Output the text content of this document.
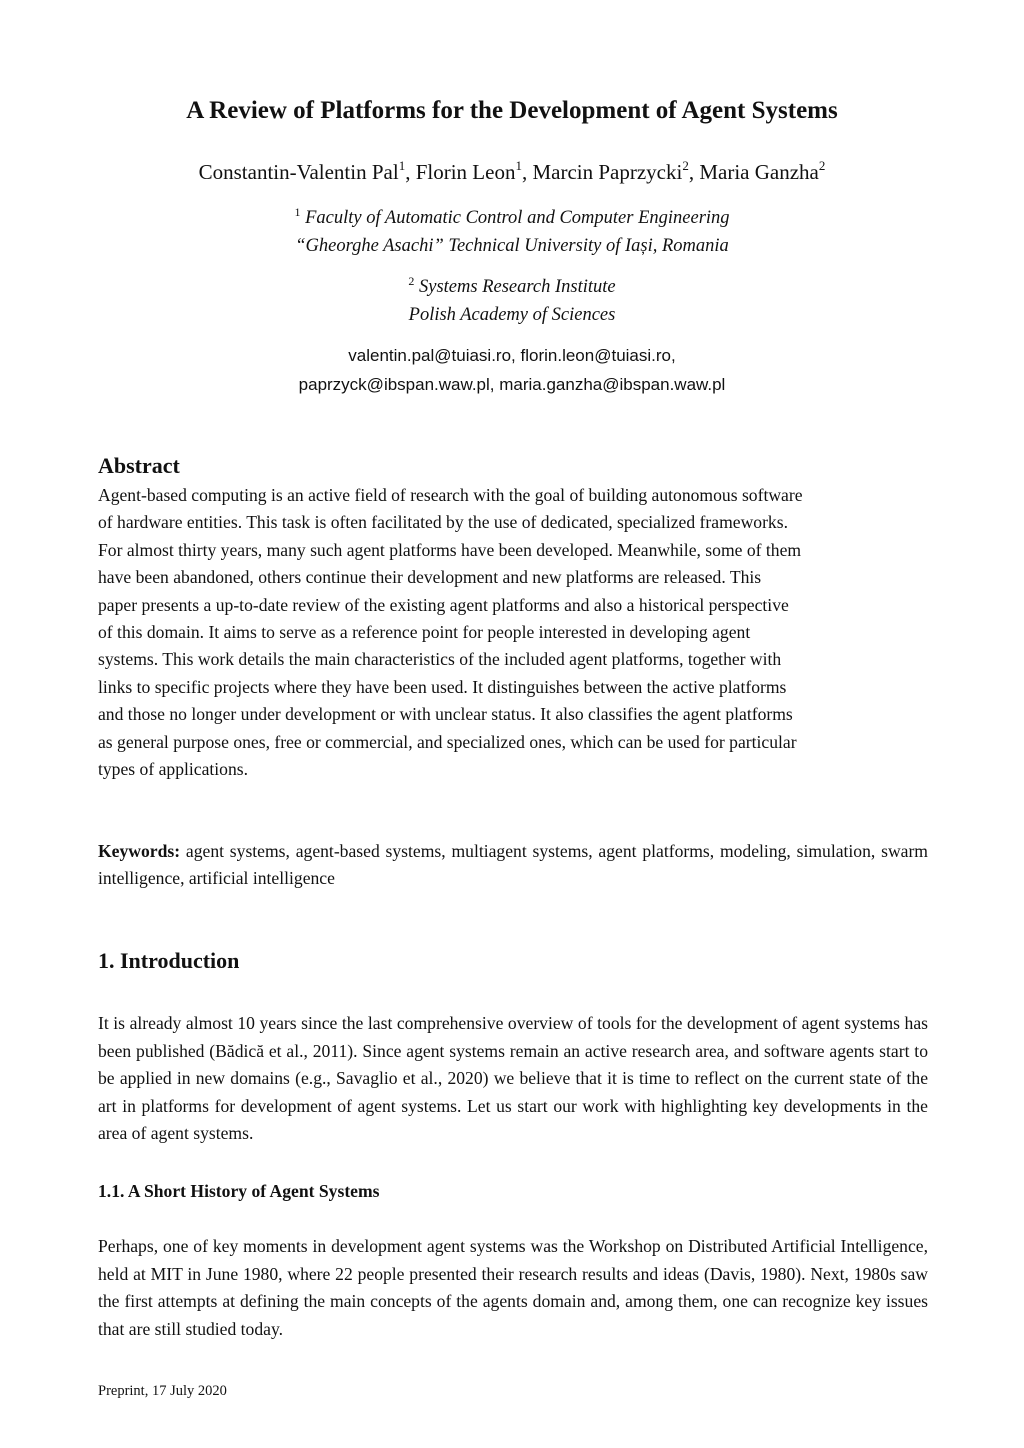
A Review of Platforms for the Development of Agent Systems
Constantin-Valentin Pal$^1$, Florin Leon$^1$, Marcin Paprzycki$^2$, Maria Ganzha$^2$
$^1$ Faculty of Automatic Control and Computer Engineering
“Gheorghe Asachi” Technical University of Iași, Romania
$^2$ Systems Research Institute
Polish Academy of Sciences
valentin.pal@tuiasi.ro, florin.leon@tuiasi.ro,
paprzyck@ibspan.waw.pl, maria.ganzha@ibspan.waw.pl
Abstract
Agent-based computing is an active field of research with the goal of building autonomous software
of hardware entities. This task is often facilitated by the use of dedicated, specialized frameworks.
For almost thirty years, many such agent platforms have been developed. Meanwhile, some of them
have been abandoned, others continue their development and new platforms are released. This
paper presents a up-to-date review of the existing agent platforms and also a historical perspective
of this domain. It aims to serve as a reference point for people interested in developing agent
systems. This work details the main characteristics of the included agent platforms, together with
links to specific projects where they have been used. It distinguishes between the active platforms
and those no longer under development or with unclear status. It also classifies the agent platforms
as general purpose ones, free or commercial, and specialized ones, which can be used for particular
types of applications.

Keywords: agent systems, agent-based systems, multiagent systems, agent platforms, modeling, simulation, swarm intelligence, artificial intelligence

1. Introduction

It is already almost 10 years since the last comprehensive overview of tools for the development of agent systems has been published (Bădică et al., 2011). Since agent systems remain an active research area, and software agents start to be applied in new domains (e.g., Savaglio et al., 2020) we believe that it is time to reflect on the current state of the art in platforms for development of agent systems. Let us start our work with highlighting key developments in the area of agent systems.

1.1. A Short History of Agent Systems

Perhaps, one of key moments in development agent systems was the Workshop on Distributed Artificial Intelligence, held at MIT in June 1980, where 22 people presented their research results and ideas (Davis, 1980). Next, 1980s saw the first attempts at defining the main concepts of the agents domain and, among them, one can recognize key issues that are still studied today.

Preprint, 17 July 2020
